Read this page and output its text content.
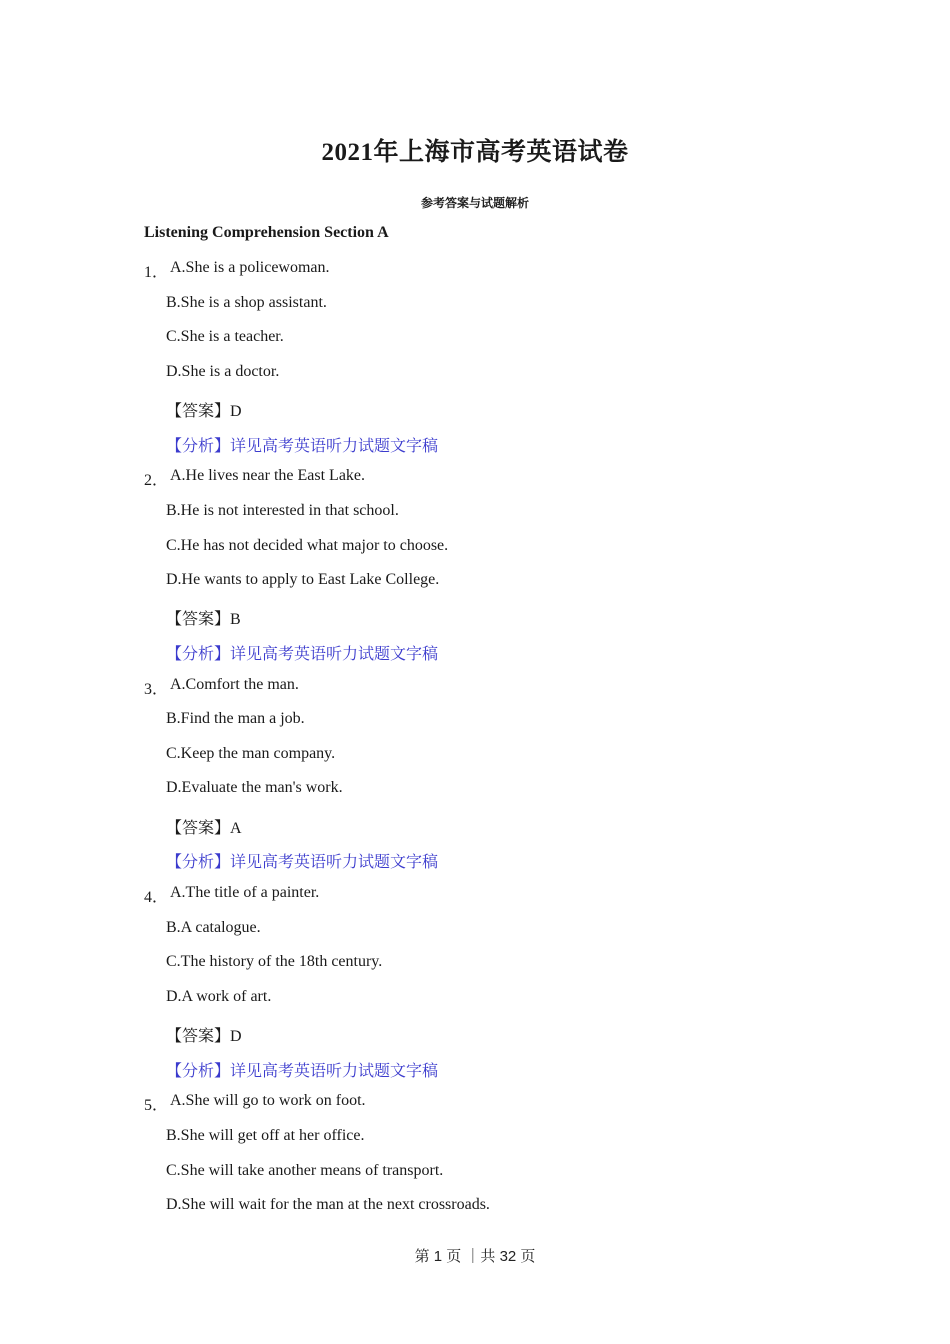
2021年上海市高考英语试卷
参考答案与试题解析
Listening Comprehension Section A
1． A.She is a policewoman.
B.She is a shop assistant.
C.She is a teacher.
D.She is a doctor.
【答案】D
【分析】详见高考英语听力试题文字稿
2． A.He lives near the East Lake.
B.He is not interested in that school.
C.He has not decided what major to choose.
D.He wants to apply to East Lake College.
【答案】B
【分析】详见高考英语听力试题文字稿
3． A.Comfort the man.
B.Find the man a job.
C.Keep the man company.
D.Evaluate the man's work.
【答案】A
【分析】详见高考英语听力试题文字稿
4． A.The title of a painter.
B.A catalogue.
C.The history of the 18th century.
D.A work of art.
【答案】D
【分析】详见高考英语听力试题文字稿
5． A.She will go to work on foot.
B.She will get off at her office.
C.She will take another means of transport.
D.She will wait for the man at the next crossroads.
第 1 页 ｜共 32 页
